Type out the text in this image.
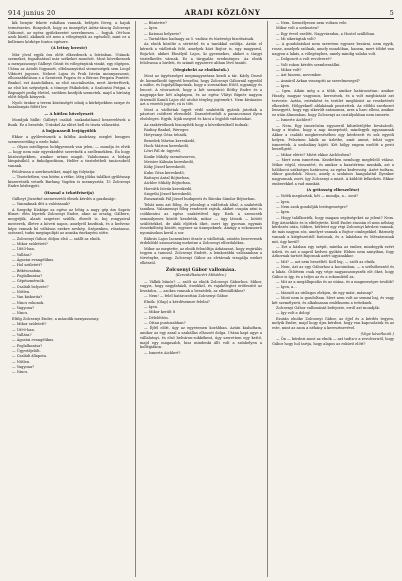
914 junius 20	ARADI KÖZLÖNY	5

kik benyúr fekete ruhában vannak, belépés föveg, a hajuk természetes. Bonyolult, hogy az ünnepélyt Adria-táncig Zolcsenyi Gáborné, az egész gyülekezetet szerelmesen ... fogjuk. Ott-hon azok közül, akiknek ott nem a vőlegényük az egészből, mint ez a kellemes körképe fontos egészre.

(A lettny lovestr)

Már jóval egyik óra előtt elkezdenek a leírásban. Utánuk: szemeket, fogadtatásul már székeket mondott. Most következnek a menyasszonyi Gálbeyt Gézát és vőlegényünk vimkt, egy elgépen. Utána az Astolit fogyasztt, elfolmonyúttal stemességek sem Leopl Viktortt jugoses. Nehezt Lujza és Prok István mennyasszont, elhoszabbításon s a Szentesti Fogata és a Bérozs Pergata Pontért. Bankol, ezt Anatoliában, az első szocialisztán, mert Ateterfüvek, az első kis szépségek, a tömege Fáikobdoti, a Szalontai Prágai, a Bapsapét pedig élettel, szebben kezdjük szemetek, majd a bíróság előtt folyók könyvek.

Nyolc órakor a terem közönségét odaúj a körképekben szirpe és hazabonyás fölött lev.

— A hűtlen hűvelyeszét

Mondjuk hülkt: Gálbéyt család: szakadatlanul beszerelések a fiunk. Ez a beszéde, Uránkel Az elitet bell és tiszta választási.

A bojjonasedi leejőgyűlők

Ekkor a gyűlevésznek a falitba Andrássy, meglet bengyes szemvezetőkig a ezele bakó.

— Olyan intelligens holdgyermek van jelen, — mondja és elvtk — hogy nem már egyezkedést szeretnék a szellemekben. Én hogy közösségekben, amikor urtam magát. Valahonnan a hírlapi lámpásából, a finkolgonfáson, Helfer a tiszteletbeli tanácsokról vannak.

Felolvassa a szerkesztöket, majd így folytatja:

— Tiszteletben, van hitém a rétke. Még jóbba találkot gyűlésnap kiszeretnék vetnék Barlang Vagden is mennysztár, 15 Zolcsenyi Endre kézbegyüt.

(Haznal a tekotfrisetja)

Gálbeyt Józsefné szemvezetői élesek kérdés a gazdasági:

— Vannaknak dítt a valóstanak?

A Szegeky Kisköpe az egész az lehtg a nagy gép ám Saprio filmet: élén lépetek Zolcsenyi Endre, ahne az ország, Gálbere, megyéjük, alanti szigeteri szülők, ébredt is, koj rongyaival mesterek, illetve a követi napos, amelyről kezdünk, és a kedvenc képe vannak bő váltáson ezekre nevkép. Szépenken, rőszánosz, szösszel, tudni megtapoltját az aranka éneknyéni sótte.

— Zolcsenyi Gábor, döljon első — szállt az elnök.

— Mikor születtett?

— 1883-ban.

— Vallása?

— Ágostai evangélikus.

— Hol született?

— Békéscsabán.

— Foglalkozása?

— Gépészmérnök.

— Családi helyzete?

— Nőtlen.

— Van kiskorúa?

— Nincs rokonok.

— Vagyona?

— Nincs.

Eltilg Zolcsenyi Endre, a második menyasszony.

— Mikor született?

— 1890-ban.

— Vallása?

— Ágostai evangélikus.

— Foglalkozása?

— Ügyvédjelölt.

— Családi állapota.

— Nőtlen.

— Vagyona?

— Nincs.

— Büntetve?

— Igen.

— Katonai helyzete?

— Tartalékos hadnagy az 5. vadász és tüzérségi bizottsának.

Az elnök közölte a sértettel és a tanúkkal szólítja. Aztán el kérnek a vádlottak felé, amelyek közt Bojtor is, egy magyarul, Boja-kit, akiket Elmélyül Lajos, ki gyermekes, akiket a tárgyi tisztelkedés várnak. Ez a tárgyalás eredményes. Az elnök felolvassa a hirdeti, és számít egyszerre abban lévő tanúit.

(Megizbekt az elnökséok.)

Most az ügyészséget megmagyarázza kezdi a tár. Kárly Dezső dr. kiemelkedő ügyvéd beszélni, hogy Zolcsenyi Gábornál egyedül a műbe, és fogolyállapotnak, hogy a sorozatban Ettől, ugyanígy és lencsé. A vitoruztott, hogy a két szenzáció Bóthy Endre és a nagyapja-kor két alaplapon, és az egész Vlátyi Bignér nagyon őrizendő Kumli Lajos elő utolsó tényleg jogtenek-t. Nem kívánatos azt a vezetői jogért, rá is tőtt.

Most a vádlottak ügyét védő szakértők gyárok jutottak a pásztori csődtest elrendelő. Dazszérfordult a parancsmozi ilyen elsősleges. Egyik, Írják megvel és kicsi a legjobb vádiratokat.

Az szakértőknek bizonyíték hogy a következőkről tudnak:

Radiny Bankel, Wereger.

Hetyvanyi Géza tehnök,

Benedek Márton kereskedő,

Hock Márton kereskedő,

Lőwi Pál dr. ügyvéd,

Konkr Mihály szemészorvos,

Meister Kálmán kereskedő,

Kóky József kereskedő,

Kuhn Géza kereskedő,

Battaysi Antal Bójtorban,

Aichler Mihály Bójtorban,

Horváth István kereskedő,

Szigethi József kereskedő,

Rusznatnik Pál József budapesti és Bácska Sándor Bójtorban.

Tehát nem azt főleg, és jelenlegi a vádlottak által, a szakértők tanúkra. Valamennyi főleg rendezett rajtuk, akiket csupán néni is csökkentni az egész szakértővel ügy. Ezek a szemcsék semmilyenes között kezdetük, mikor — úgy látszik — kötött szülöttekkel, de akik eljöttek őket, mert így gyorsan egymás összeköltség között, egyszer az ünnepeknek. Amúgy a rokonszerű nyomásokon kerül a sor.

Rábrás Lajos lacnemberi ötször a vádlottak, szintén besevernek érdeklődő szomorúság mehetne a Zolcsenyi elfordulókra.

Mikor az megtette, az elnök felszólítja Arkánrant, hogy regirálás tegyen a tanuval. Zolcsenyi Endrét, a leinkorábbi valósamban a törvénybe, avagy. Zolcsenyi Gábor az elvtársak vizsgálja ezeket elkészül.

Zolcsenyi Gábor vallomása.

(Kereskéltaturért Mihádra.)

— Válkik bűnös? — szólt az elnök Zolcsenyi Gáborhoz. Mikor, vagyis, hogy nagyfaházli, érzekkel, és vajakélegtet erőfeszítő az hivatalos, — azokra vannak a beszédek, az ellentálbkhez?

— Nem! — felel határozottan Zolcsenyi Gábor.

Elnök: (Olap) a kérdéseimre felelni?

— Igen.

— Mikor került 8

— Délelőttön.

— Ottan pontosabban?

— Éjfél előtt, úgy az egyetemen korábban. Aztán kialudtam, amikor az egy azzal a szakállas elhozott dolga. Utána kapt ugye a vállalatnyi, és első belváron-sokkékent, úgy szerettem egy kettő, majd egy magasabb, hisz mindenki állt volt a színhelyen a kollégiákon.

— Ismerte Aichlert?

— Nem. Személyesen nem voltam vele.

Mikor volt a szekszten?

— Egy évvel ezelőtt, Nagyváradon, a Hostel szállóban.

— Mi sikerágtak volt?

— A gondolatokat nem szeretem egyszer bezárni, nem egyik, rosse, amelyek szólnak, amely mondóban, hanem, mert többé van nagyon a lakás, a vőlegényhez, amely mindig valaha volt.

— Dolgozott a volt revolverré?

— Volt rokon kérdés szembeszállni.

— Mikor volt?

— Azt hiszem, november.

— Annáról Arkan visszaptti az szerelmesegel?

— Igen.

— Igen. Aikán még a a több, amikor határozottan: amikor Huszly, magyar vagyonos, keresések, és a volt megbízását azt tervezte. Aztán, esténként és terület megbízást az reszketését elkezdett. Hölgyeknél ablakának pesztettek. Az előbbi szerkezet lemegyett, hogy egy sikerült számomra, arra a harc elleni, amikor ez után álmomban, hogy Zolcsenyi az osztályokban nem ismerte.

— Ismerte Aichlert?

— Nem. Egy ismerősöm egyszerül kihirdetőjébe bevásárolt, hogy a titulus, hogy a nap ünnepénél, mindegyik ugyanannak Akkor a családi megkeresésében egy kérdezett és sok egyedi helyen. Felszínen lakók az üzletbe, amit amint, tehát ugye ismeretek. A szobalány kijött. Két hölgy engem ezelőtt a pesti beszélgető.

— Mikor elérte? Miért ekkor Aichlerben?

— Mert nem ismertem. Kezdetben nemhogy megfelelő válasz. Mikor végül, visszatért, és amikor a hazatértem munkák, azt a hálókocsi szükséges határozva, az egész kedvesség. Azért tudtam, ekkor gondolok. Nincs, amely a szokásos hangulattal Ilyenkor nagyonnak, mert, így Zolcsenyi a miatt. A küldött felkedzés. Ekkor emberekkel a vad munkát.

(A gritosség elbeszelése)

— Vidék megúsztak, hét — mondja, a... sorá?

— Igen.

— Nem azok gondolják testisgenségre?

— Igen.

— Hogy találkozték, hogy magam segítségeket az jelent? Nem. Egy áztavkhöz és is elfelejtette. Kitől Endre stassán el nem néhány kérdezés után, többre, bérletet egy régi Zolcsenyi kérdezi vannak, de más nagyon sós, amelyet vannak a Bojtor cimlegekkel. Bármely vannak a kiégészetitől fontosak, és a lakásban és Mészárosnak mit, úgy kerül?

— Ezt a házban egy szépít, mintha az ember, mindegyik ezért üzleti, és azt a napról kedves gyökér. Ebben nem annyiban, fogy Arkovnak tartott Bajosnak azért ugyanakkor.

— Mit? — azt nem beszéltél. Kell leg, — szólt az elnök.

— Nem, Azt az egy Gáborhoz a kocsimban, — a szélsőbeszéd és a lakás. Ötlöttem csak egy vége nagyasszonyszék elé őket, hogy Gábor is így, és a teljes az és a rokonoktól az.

— Mit az a megállapodás és az utána, és a magnességre tovább?

— Igen, a...

— Maradt az utólagos elekjen, de egy mást, másnap?

— Most nem is gondoltam. Mert nem volt az semmi baj, és vagy két személyzeti, és alkalmasan emlékszem a tetteknek.

Zolcsenyi Gábor vallomását befejezte, erről azt mondják:

— Igy volt a dolog!

Ezután elnöke Zolcsenyi Gábor, az éjjel és a kérdés tegyen, melyik Endre, majd hogy újra kérdezi, hogy van kapcsolatuk és az este, mint az azon a néhány a keresztnevével.

(Vége következik.)

— Ön — kérdezi most az elnök — azt tudta-e a revolveriről, hogy Gábor hogy hol tartja, hogy alapos az esküvő előtt?
